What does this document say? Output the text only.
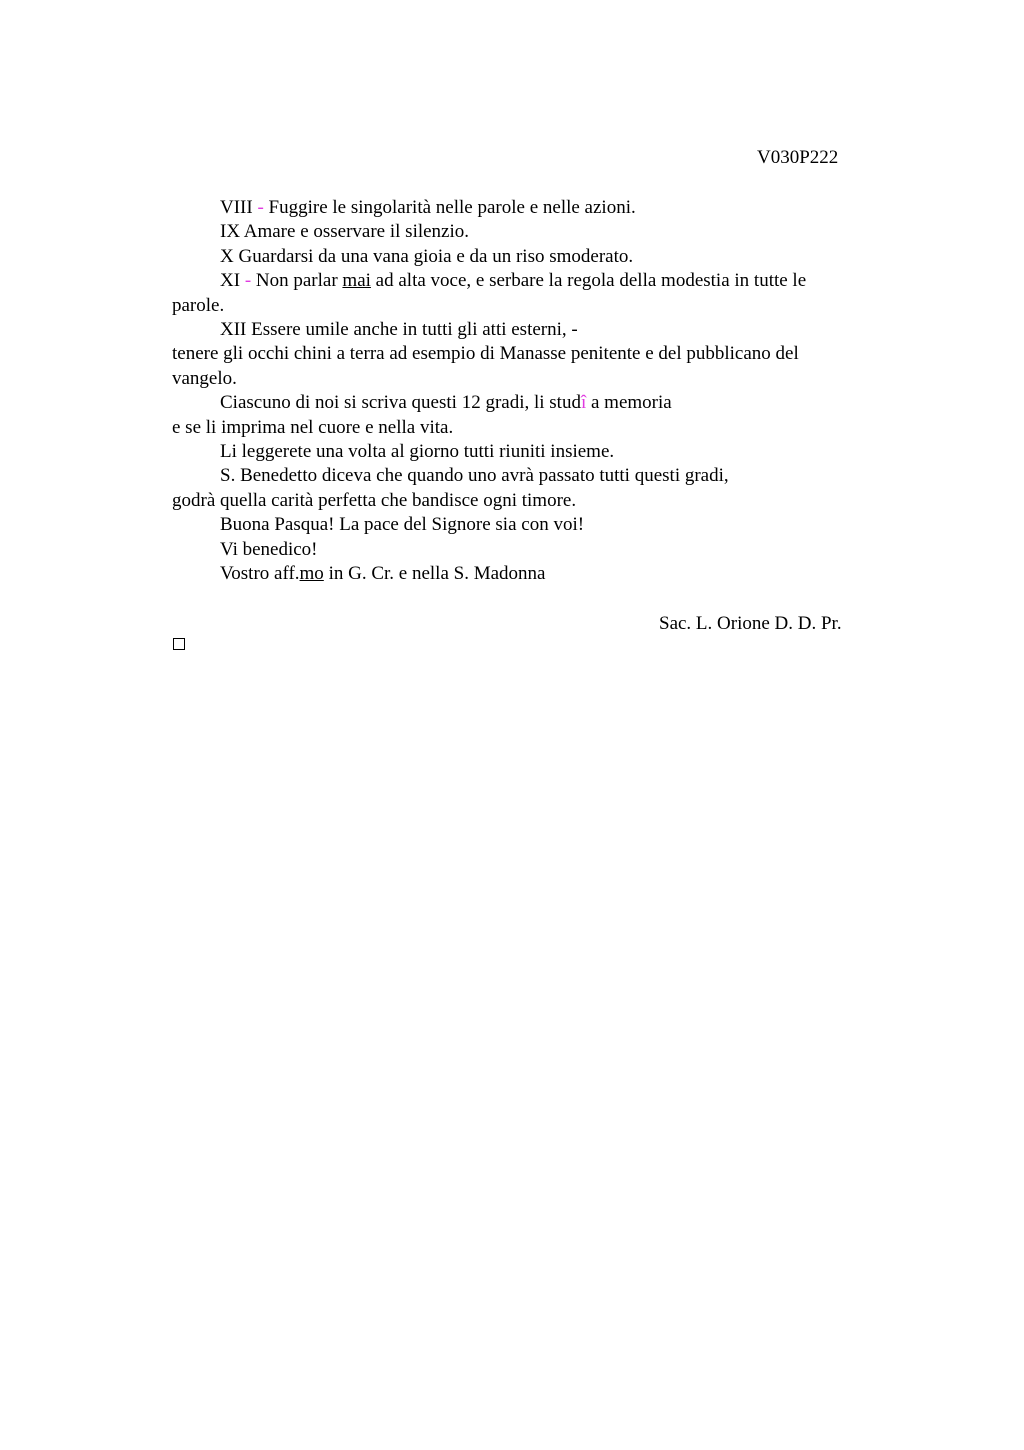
V030P222

VIII - Fuggire le singolarità nelle parole e nelle azioni.

IX Amare e osservare il silenzio.

X Guardarsi da una vana gioia e da un riso smoderato.

XI - Non parlar mai ad alta voce, e serbare la regola della modestia in tutte le

parole.

XII Essere umile anche in tutti gli atti esterni, -

tenere gli occhi chini a terra ad esempio di Manasse penitente e del pubblicano del

vangelo.

Ciascuno di noi si scriva questi 12 gradi, li studî a memoria

e se li imprima nel cuore e nella vita.

Li leggerete una volta al giorno tutti riuniti insieme.

S. Benedetto diceva che quando uno avrà passato tutti questi gradi,

godrà quella carità perfetta che bandisce ogni timore.

Buona Pasqua! La pace del Signore sia con voi!

Vi benedico!

Vostro aff.mo in G. Cr. e nella S. Madonna

Sac. L. Orione D. D. Pr.
